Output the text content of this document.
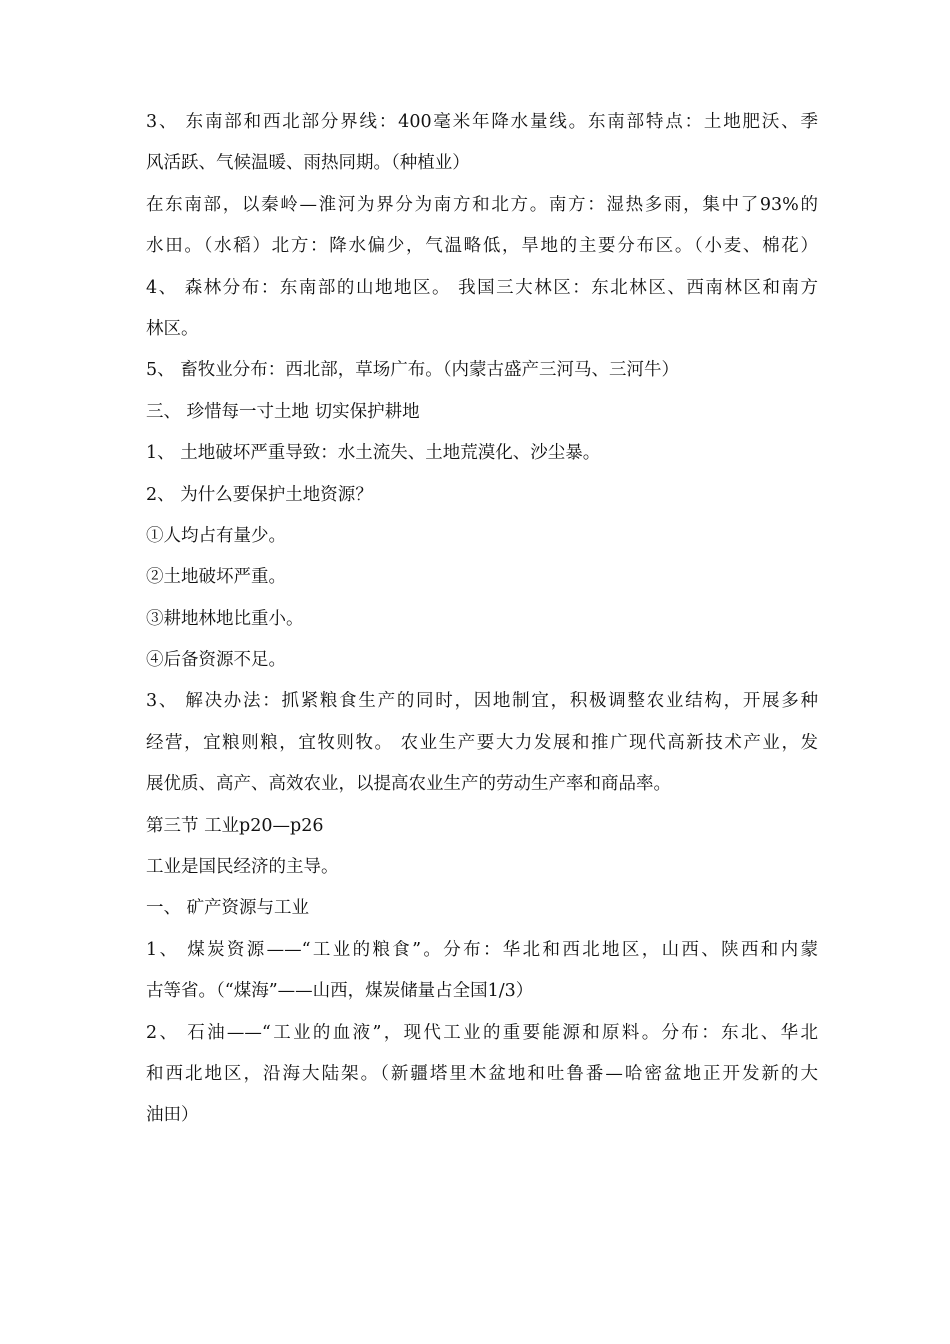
3、 东南部和西北部分界线：400毫米年降水量线。东南部特点：土地肥沃、季
风活跃、气候温暖、雨热同期。（种植业）
在东南部，以秦岭—淮河为界分为南方和北方。南方：湿热多雨，集中了93%的
水田。（水稻）北方：降水偏少，气温略低，旱地的主要分布区。（小麦、棉花）
4、 森林分布：东南部的山地地区。 我国三大林区：东北林区、西南林区和南方
林区。
5、 畜牧业分布：西北部，草场广布。（内蒙古盛产三河马、三河牛）
三、 珍惜每一寸土地 切实保护耕地
1、 土地破坏严重导致：水土流失、土地荒漠化、沙尘暴。
2、 为什么要保护土地资源？
①人均占有量少。
②土地破坏严重。
③耕地林地比重小。
④后备资源不足。
3、 解决办法：抓紧粮食生产的同时，因地制宜，积极调整农业结构，开展多种
经营，宜粮则粮，宜牧则牧。 农业生产要大力发展和推广现代高新技术产业，发
展优质、高产、高效农业，以提高农业生产的劳动生产率和商品率。
第三节 工业p20—p26
工业是国民经济的主导。
一、 矿产资源与工业
1、 煤炭资源——“工业的粮食”。分布：华北和西北地区，山西、陕西和内蒙
古等省。（“煤海”——山西，煤炭储量占全国1/3）
2、 石油——“工业的血液”，现代工业的重要能源和原料。分布：东北、华北
和西北地区，沿海大陆架。（新疆塔里木盆地和吐鲁番—哈密盆地正开发新的大
油田）
